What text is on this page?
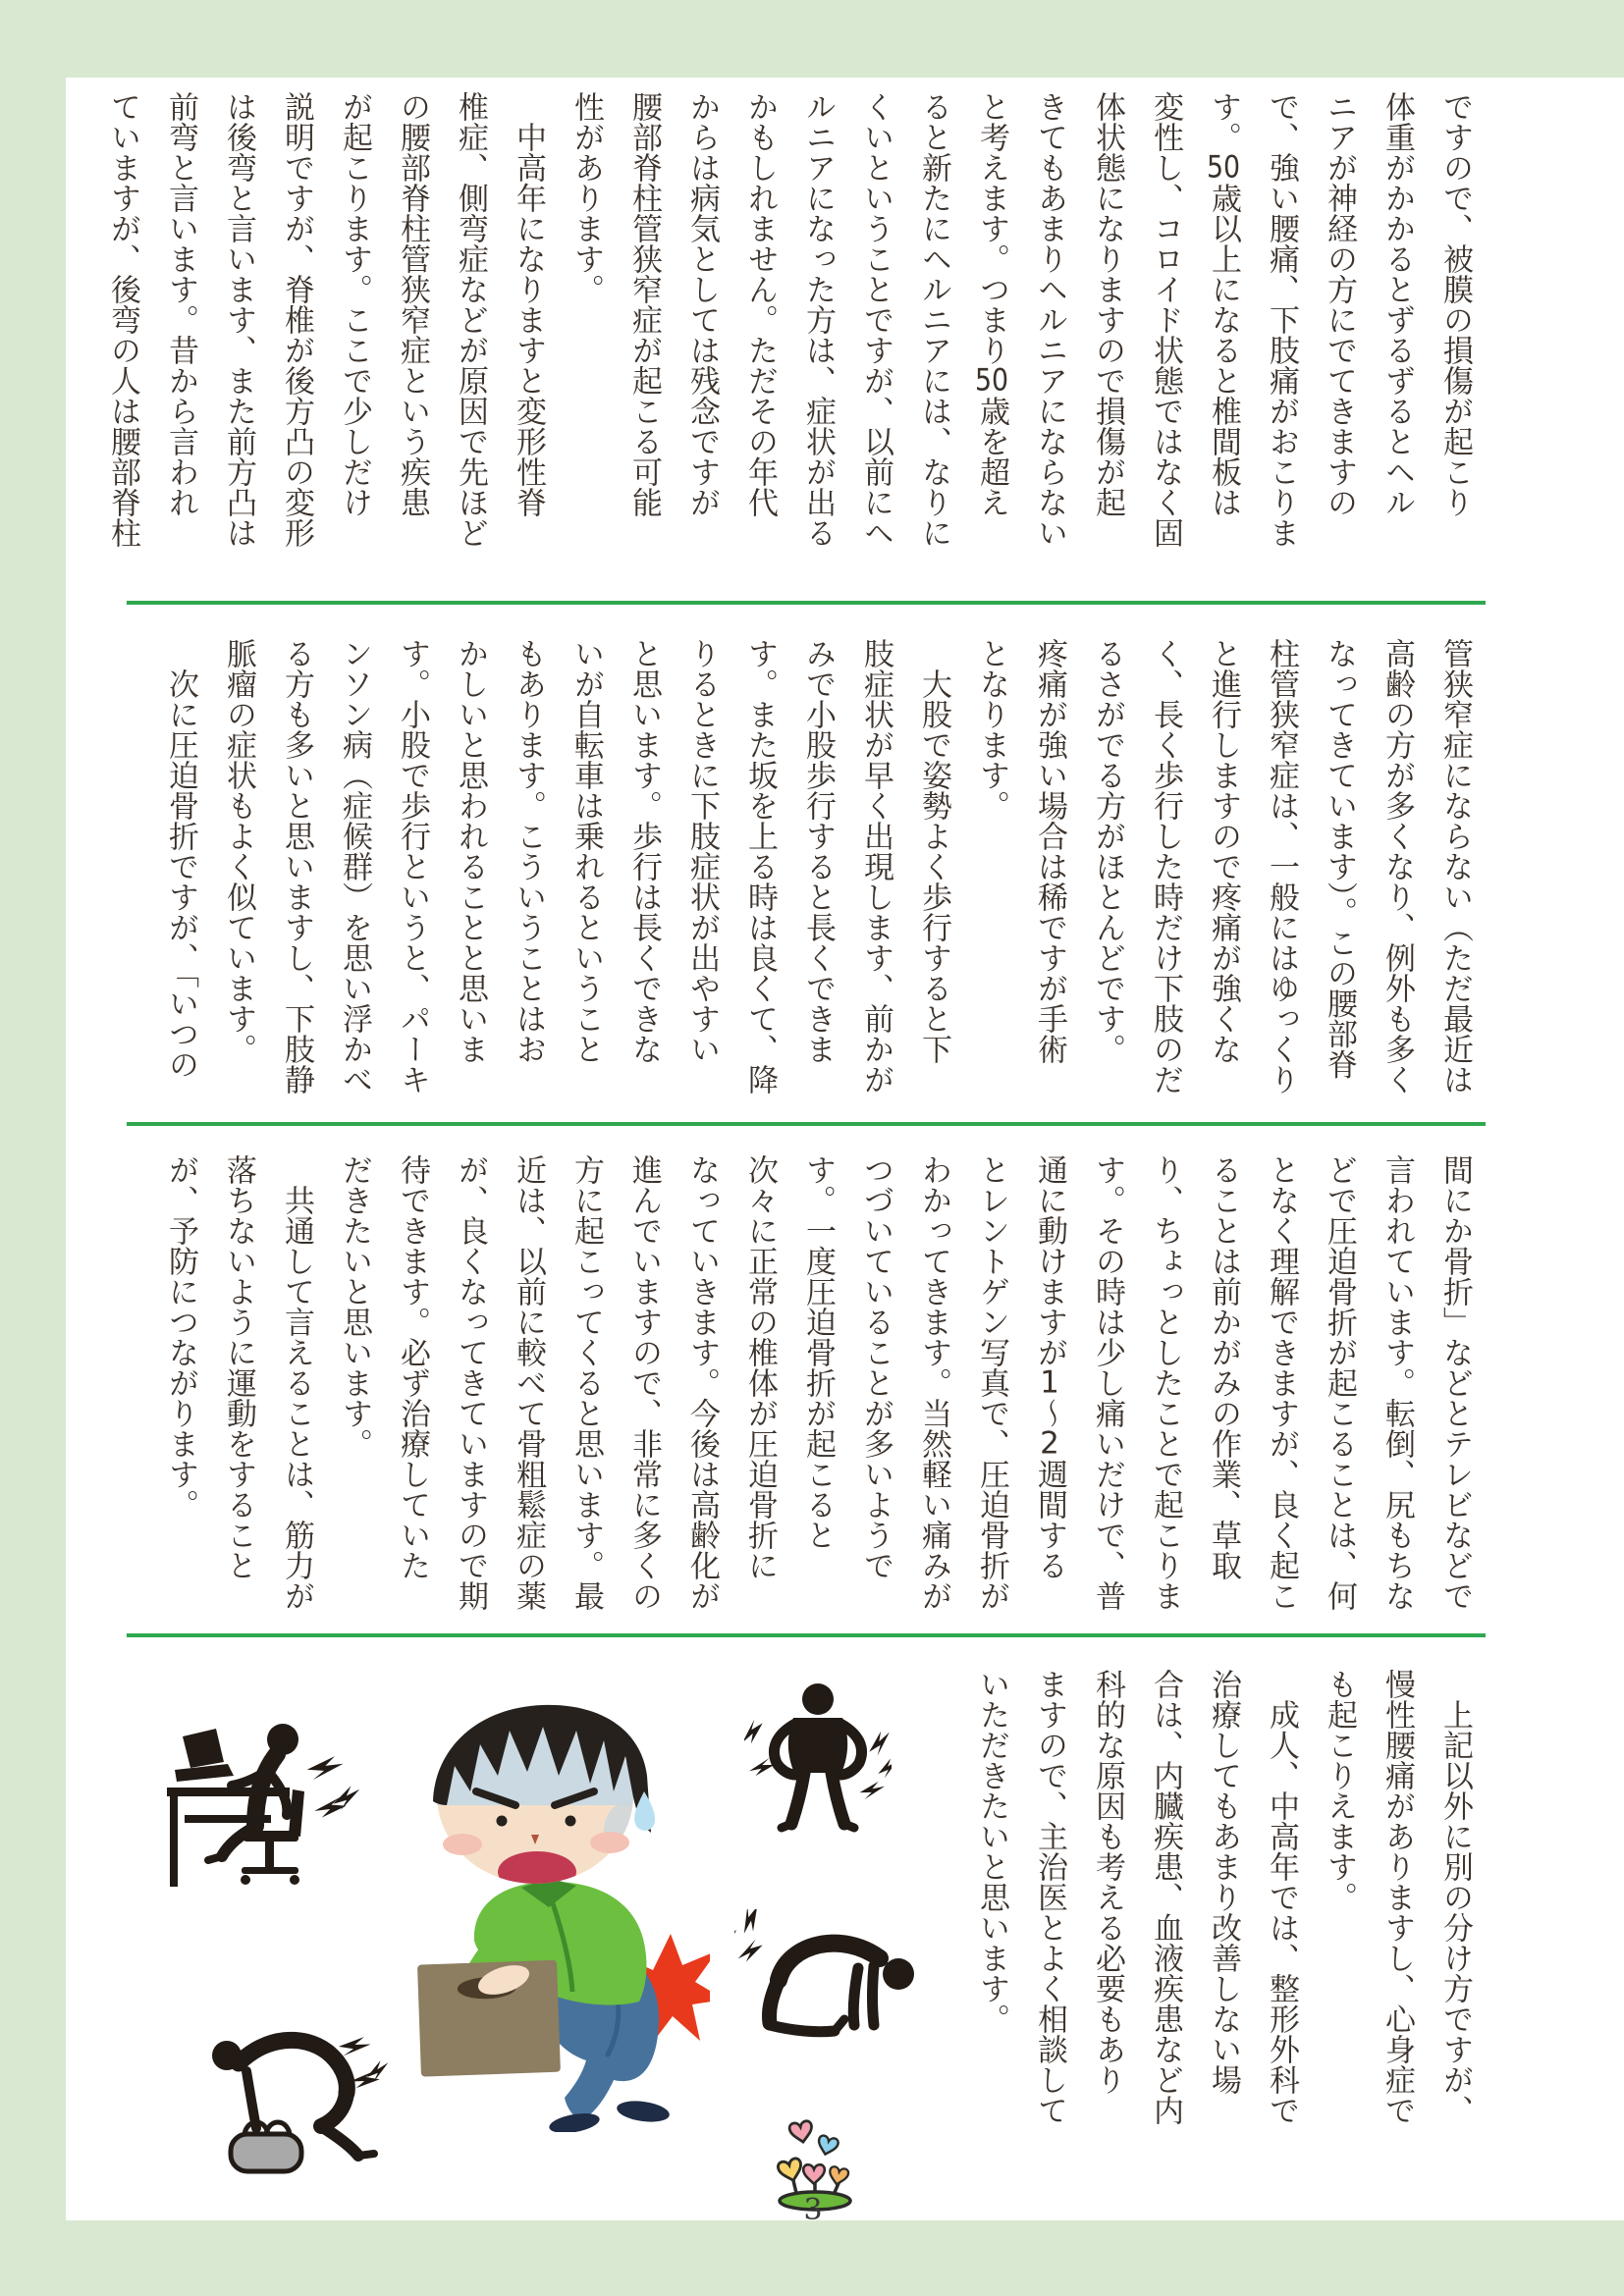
ですので、被膜の損傷が起こり
体重がかかるとずるずるとヘル
ニアが神経の方にでてきますの
で、強い腰痛、下肢痛がおこりま
す。50歳以上になると椎間板は
変性し、コロイド状態ではなく固
体状態になりますので損傷が起
きてもあまりヘルニアにならない
と考えます。つまり50歳を超え
ると新たにヘルニアには、なりに
くいということですが、以前にヘ
ルニアになった方は、症状が出る
かもしれません。ただその年代
からは病気としては残念ですが
腰部脊柱管狭窄症が起こる可能
性があります。
　中高年になりますと変形性脊
椎症、側弯症などが原因で先ほど
の腰部脊柱管狭窄症という疾患
が起こります。ここで少しだけ
説明ですが、脊椎が後方凸の変形
は後弯と言います、また前方凸は
前弯と言います。昔から言われ
ていますが、後弯の人は腰部脊柱
管狭窄症にならない（ただ最近は
高齢の方が多くなり、例外も多く
なってきています）。この腰部脊
柱管狭窄症は、一般にはゆっくり
と進行しますので疼痛が強くな
く、長く歩行した時だけ下肢のだ
るさがでる方がほとんどです。
疼痛が強い場合は稀ですが手術
となります。
　大股で姿勢よく歩行すると下
肢症状が早く出現します、前かが
みで小股歩行すると長くできま
す。また坂を上る時は良くて、降
りるときに下肢症状が出やすい
と思います。歩行は長くできな
いが自転車は乗れるということ
もあります。こういうことはお
かしいと思われることと思いま
す。小股で歩行というと、パーキ
ンソン病（症候群）を思い浮かべ
る方も多いと思いますし、下肢静
脈瘤の症状もよく似ています。
　次に圧迫骨折ですが、「いつの
間にか骨折」などとテレビなどで
言われています。転倒、尻もちな
どで圧迫骨折が起こることは、何
となく理解できますが、良く起こ
ることは前かがみの作業、草取
り、ちょっとしたことで起こりま
す。その時は少し痛いだけで、普
通に動けますが1〜2週間する
とレントゲン写真で、圧迫骨折が
わかってきます。当然軽い痛みが
つづいていることが多いようで
す。一度圧迫骨折が起こると
次々に正常の椎体が圧迫骨折に
なっていきます。今後は高齢化が
進んでいますので、非常に多くの
方に起こってくると思います。最
近は、以前に較べて骨粗鬆症の薬
が、良くなってきていますので期
待できます。必ず治療していた
だきたいと思います。
　共通して言えることは、筋力が
落ちないように運動をすること
が、予防につながります。
　上記以外に別の分け方ですが、
慢性腰痛がありますし、心身症で
も起こりえます。
　成人、中高年では、整形外科で
治療してもあまり改善しない場
合は、内臓疾患、血液疾患など内
科的な原因も考える必要もあり
ますので、主治医とよく相談して
いただきたいと思います。
3
